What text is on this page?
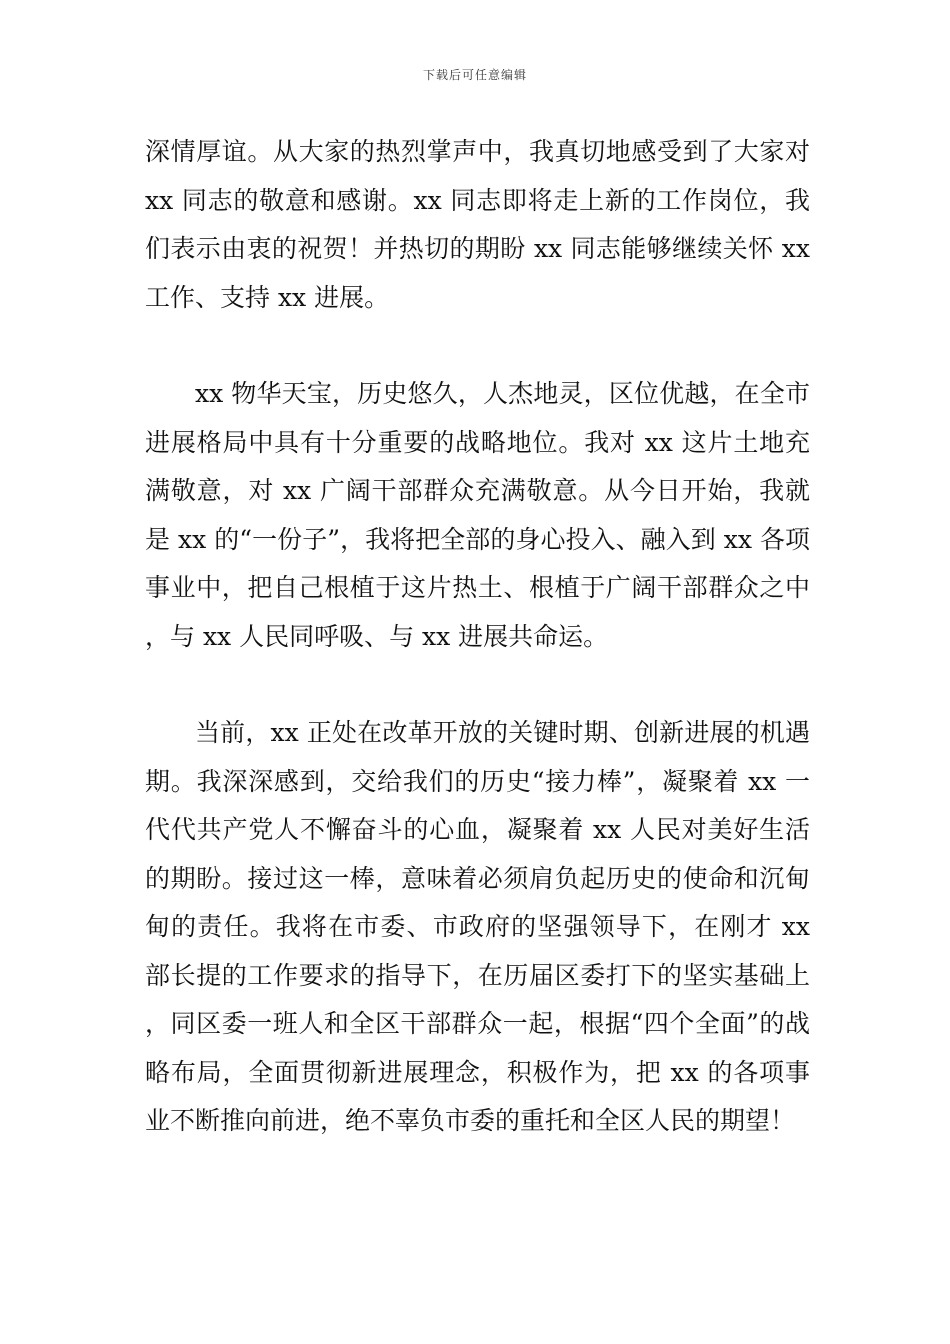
下载后可任意编辑

深情厚谊。从大家的热烈掌声中，我真切地感受到了大家对 xx 同志的敬意和感谢。xx 同志即将走上新的工作岗位，我们表示由衷的祝贺！并热切的期盼 xx 同志能够继续关怀 xx 工作、支持 xx 进展。

xx 物华天宝，历史悠久，人杰地灵，区位优越，在全市进展格局中具有十分重要的战略地位。我对 xx 这片土地充满敬意，对 xx 广阔干部群众充满敬意。从今日开始，我就是 xx 的“一份子”，我将把全部的身心投入、融入到 xx 各项事业中，把自己根植于这片热土、根植于广阔干部群众之中，与 xx 人民同呼吸、与 xx 进展共命运。

当前，xx 正处在改革开放的关键时期、创新进展的机遇期。我深深感到，交给我们的历史“接力棒”，凝聚着 xx 一代代共产党人不懈奋斗的心血，凝聚着 xx 人民对美好生活的期盼。接过这一棒，意味着必须肩负起历史的使命和沉甸甸的责任。我将在市委、市政府的坚强领导下，在刚才 xx 部长提的工作要求的指导下，在历届区委打下的坚实基础上，同区委一班人和全区干部群众一起，根据“四个全面”的战略布局，全面贯彻新进展理念，积极作为，把 xx 的各项事业不断推向前进，绝不辜负市委的重托和全区人民的期望！
